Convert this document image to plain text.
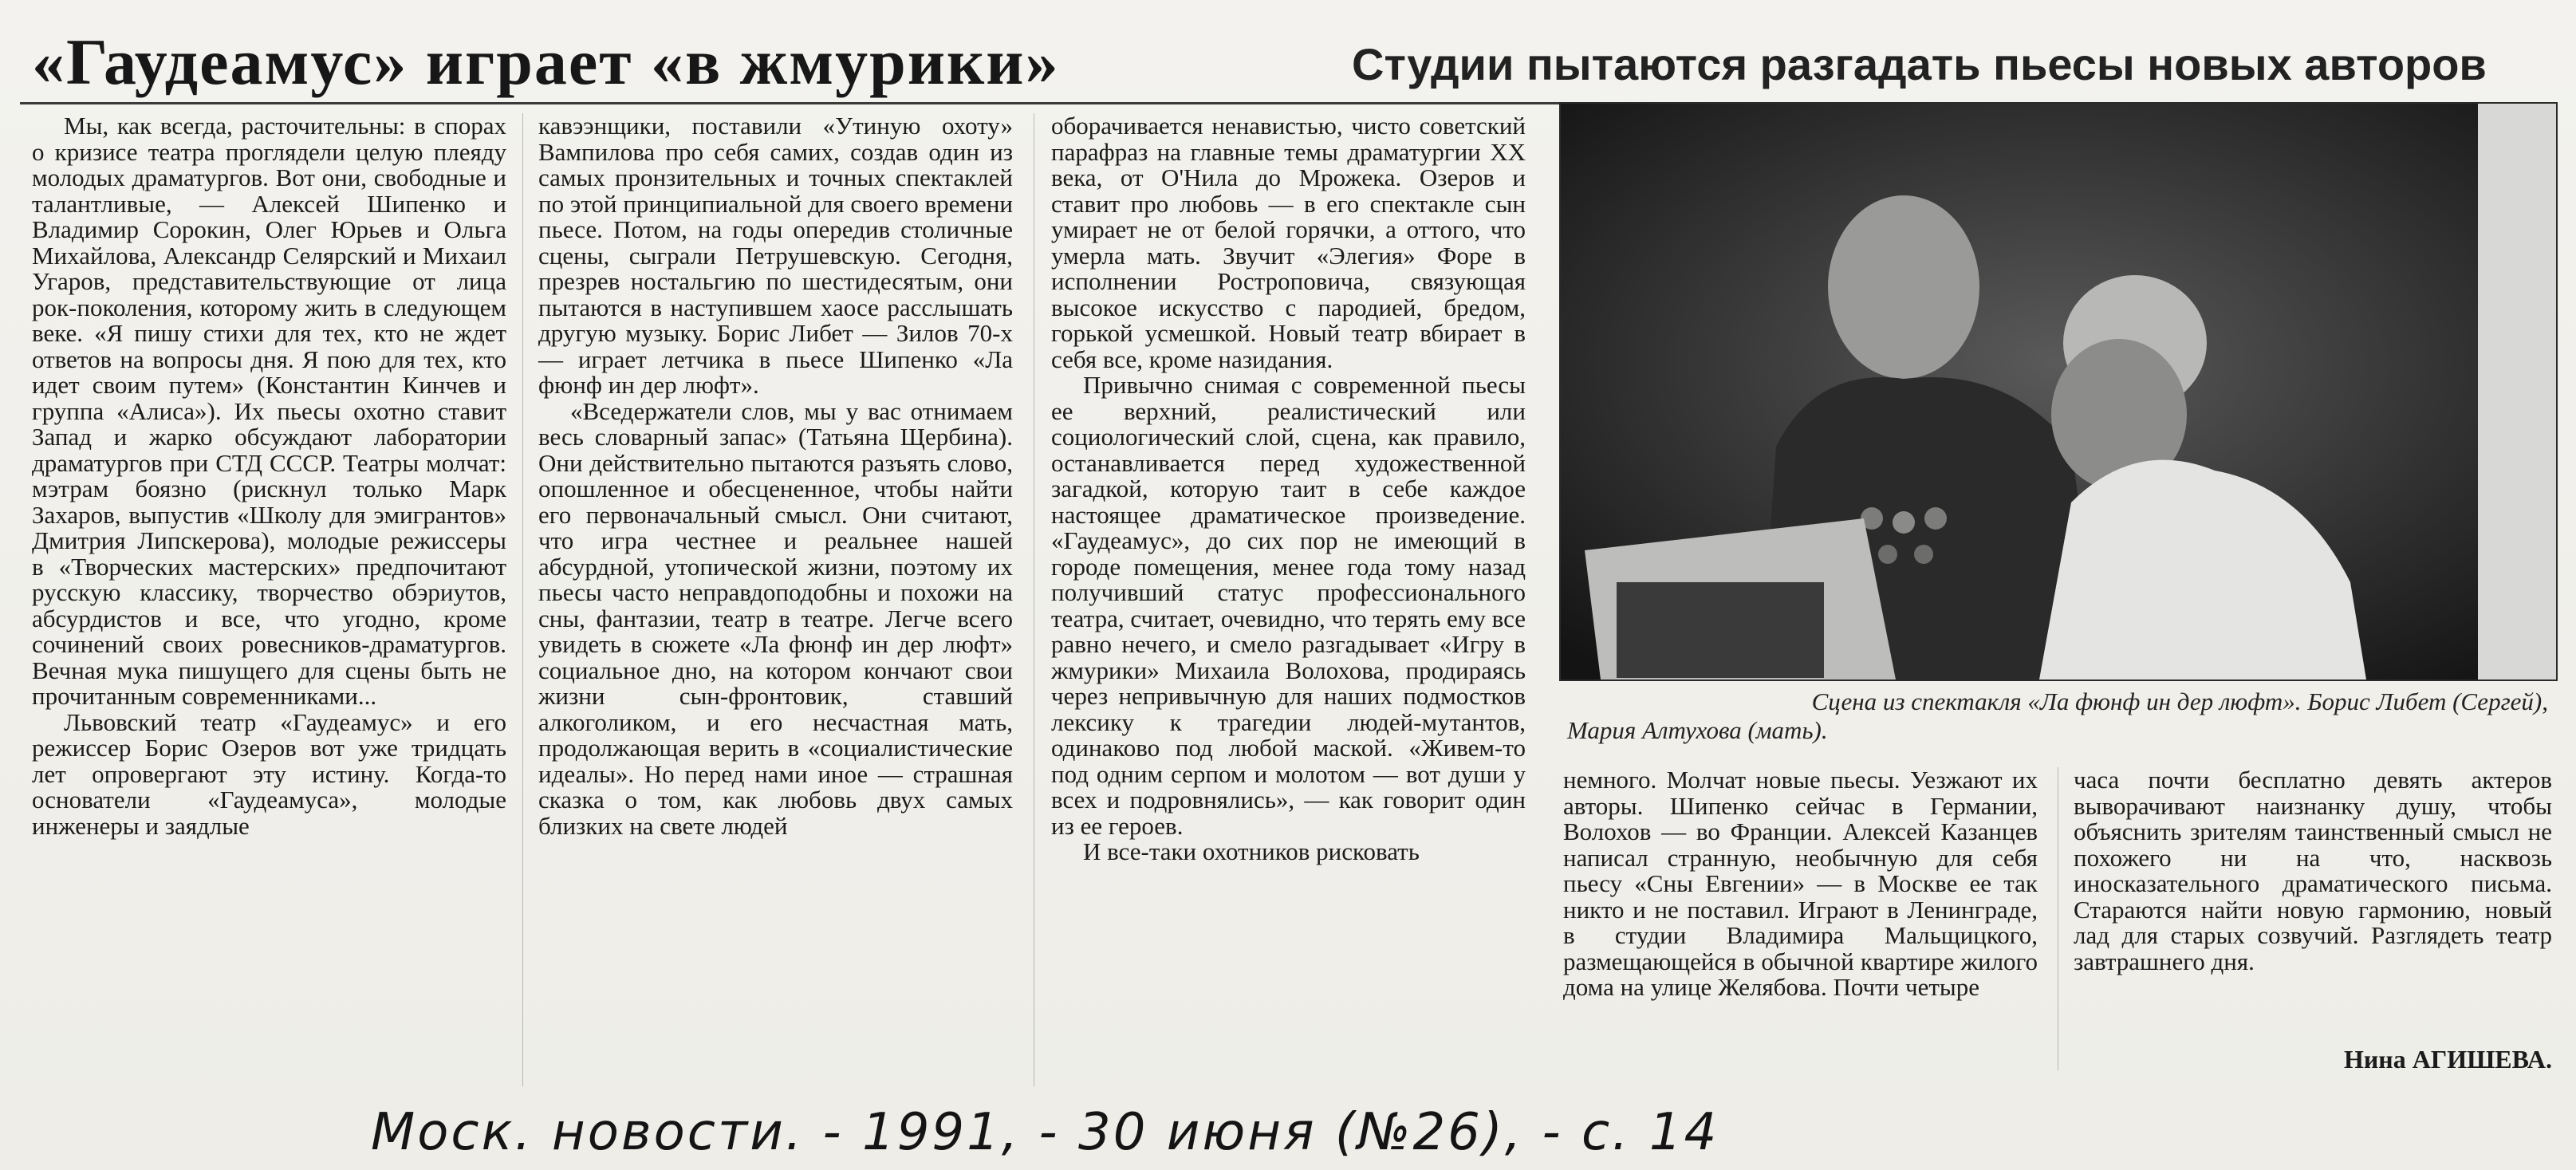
«Гаудеамус» играет «в жмурики»	Студии пытаются разгадать пьесы новых авторов

Мы, как всегда, расточительны: в спорах о кризисе театра проглядели целую плеяду молодых драматургов. Вот они, свободные и талантливые, — Алексей Шипенко и Владимир Сорокин, Олег Юрьев и Ольга Михайлова, Александр Селярский и Михаил Угаров, представительствующие от лица рок-поколения, которому жить в следующем веке. «Я пишу стихи для тех, кто не ждет ответов на вопросы дня. Я пою для тех, кто идет своим путем» (Константин Кинчев и группа «Алиса»). Их пьесы охотно ставит Запад и жарко обсуждают лаборатории драматургов при СТД СССР. Театры молчат: мэтрам боязно (рискнул только Марк Захаров, выпустив «Школу для эмигрантов» Дмитрия Липскерова), молодые режиссеры в «Творческих мастерских» предпочитают русскую классику, творчество обэриутов, абсурдистов и все, что угодно, кроме сочинений своих ровесников-драматургов. Вечная мука пишущего для сцены быть не прочитанным современниками...

Львовский театр «Гаудеамус» и его режиссер Борис Озеров вот уже тридцать лет опровергают эту истину. Когда-то основатели «Гаудеамуса», молодые инженеры и заядлые

кавээнщики, поставили «Утиную охоту» Вампилова про себя самих, создав один из самых пронзительных и точных спектаклей по этой принципиальной для своего времени пьесе. Потом, на годы опередив столичные сцены, сыграли Петрушевскую. Сегодня, презрев ностальгию по шестидесятым, они пытаются в наступившем хаосе расслышать другую музыку. Борис Либет — Зилов 70-х — играет летчика в пьесе Шипенко «Ла фюнф ин дер люфт».

«Вседержатели слов, мы у вас отнимаем весь словарный запас» (Татьяна Щербина). Они действительно пытаются разъять слово, опошленное и обесцененное, чтобы найти его первоначальный смысл. Они считают, что игра честнее и реальнее нашей абсурдной, утопической жизни, поэтому их пьесы часто неправдоподобны и похожи на сны, фантазии, театр в театре. Легче всего увидеть в сюжете «Ла фюнф ин дер люфт» социальное дно, на котором кончают свои жизни сын-фронтовик, ставший алкоголиком, и его несчастная мать, продолжающая верить в «социалистические идеалы». Но перед нами иное — страшная сказка о том, как любовь двух самых близких на свете людей

оборачивается ненавистью, чисто советский парафраз на главные темы драматургии XX века, от О'Нила до Мрожека. Озеров и ставит про любовь — в его спектакле сын умирает не от белой горячки, а оттого, что умерла мать. Звучит «Элегия» Форе в исполнении Ростроповича, связующая высокое искусство с пародией, бредом, горькой усмешкой. Новый театр вбирает в себя все, кроме назидания.

Привычно снимая с современной пьесы ее верхний, реалистический или социологический слой, сцена, как правило, останавливается перед художественной загадкой, которую таит в себе каждое настоящее драматическое произведение. «Гаудеамус», до сих пор не имеющий в городе помещения, менее года тому назад получивший статус профессионального театра, считает, очевидно, что терять ему все равно нечего, и смело разгадывает «Игру в жмурики» Михаила Волохова, продираясь через непривычную для наших подмостков лексику к трагедии людей-мутантов, одинаково под любой маской. «Живем-то под одним серпом и молотом — вот души у всех и подровнялись», — как говорит один из ее героев.

И все-таки охотников рисковать

Сцена из спектакля «Ла фюнф ин дер люфт». Борис Либет (Сергей),
Мария Алтухова (мать).

немного. Молчат новые пьесы. Уезжают их авторы. Шипенко сейчас в Германии, Волохов — во Франции. Алексей Казанцев написал странную, необычную для себя пьесу «Сны Евгении» — в Москве ее так никто и не поставил. Играют в Ленинграде, в студии Владимира Мальщицкого, размещающейся в обычной квартире жилого дома на улице Желябова. Почти четыре

часа почти бесплатно девять актеров выворачивают наизнанку душу, чтобы объяснить зрителям таинственный смысл не похожего ни на что, насквозь иносказательного драматического письма. Стараются найти новую гармонию, новый лад для старых созвучий. Разглядеть театр завтрашнего дня.

Нина АГИШЕВА.
Моск. новости. - 1991, - 30 июня (№26), - с. 14
